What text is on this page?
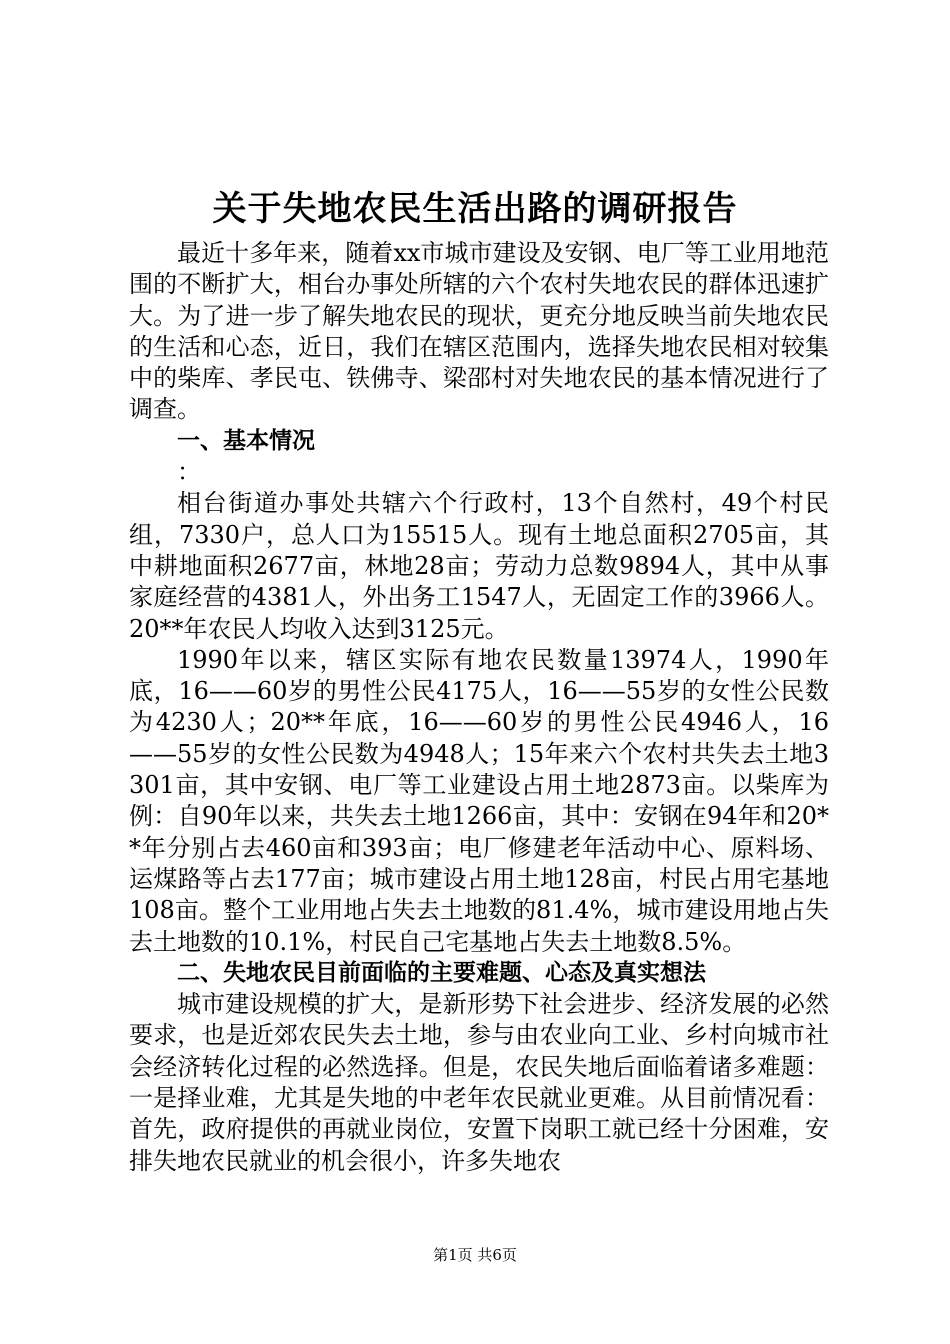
关于失地农民生活出路的调研报告

最近十多年来，随着xx市城市建设及安钢、电厂等工业用地范围的不断扩大，相台办事处所辖的六个农村失地农民的群体迅速扩大。为了进一步了解失地农民的现状，更充分地反映当前失地农民的生活和心态，近日，我们在辖区范围内，选择失地农民相对较集中的柴库、孝民屯、铁佛寺、梁邵村对失地农民的基本情况进行了调查。

一、基本情况

：

相台街道办事处共辖六个行政村，13个自然村，49个村民组，7330户，总人口为15515人。现有土地总面积2705亩，其中耕地面积2677亩，林地28亩；劳动力总数9894人，其中从事家庭经营的4381人，外出务工1547人，无固定工作的3966人。20**年农民人均收入达到3125元。

1990年以来，辖区实际有地农民数量13974人，1990年底，16——60岁的男性公民4175人，16——55岁的女性公民数为4230人；20**年底，16——60岁的男性公民4946人，16——55岁的女性公民数为4948人；15年来六个农村共失去土地3301亩，其中安钢、电厂等工业建设占用土地2873亩。以柴库为例：自90年以来，共失去土地1266亩，其中：安钢在94年和20**年分别占去460亩和393亩；电厂修建老年活动中心、原料场、运煤路等占去177亩；城市建设占用土地128亩，村民占用宅基地108亩。整个工业用地占失去土地数的81.4%，城市建设用地占失去土地数的10.1%，村民自己宅基地占失去土地数8.5%。

二、失地农民目前面临的主要难题、心态及真实想法

城市建设规模的扩大，是新形势下社会进步、经济发展的必然要求，也是近郊农民失去土地，参与由农业向工业、乡村向城市社会经济转化过程的必然选择。但是，农民失地后面临着诸多难题：一是择业难，尤其是失地的中老年农民就业更难。从目前情况看：首先，政府提供的再就业岗位，安置下岗职工就已经十分困难，安排失地农民就业的机会很小，许多失地农

第1页 共6页
